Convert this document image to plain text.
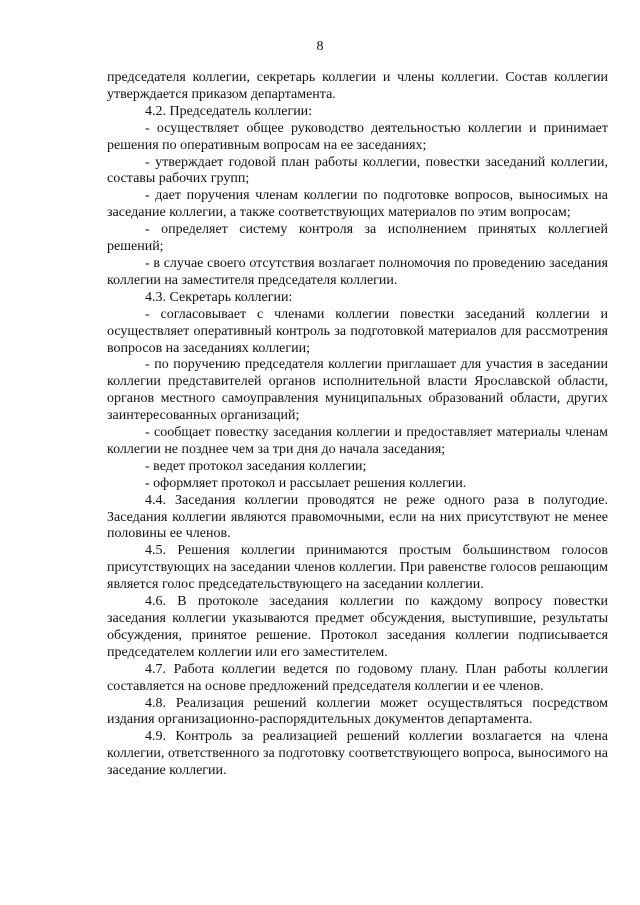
8

председателя коллегии, секретарь коллегии и члены коллегии. Состав коллегии утверждается приказом департамента.

4.2. Председатель коллегии:

- осуществляет общее руководство деятельностью коллегии и принимает решения по оперативным вопросам на ее заседаниях;

- утверждает годовой план работы коллегии, повестки заседаний коллегии, составы рабочих групп;

- дает поручения членам коллегии по подготовке вопросов, выносимых на заседание коллегии, а также соответствующих материалов по этим вопросам;

- определяет систему контроля за исполнением принятых коллегией решений;

- в случае своего отсутствия возлагает полномочия по проведению заседания коллегии на заместителя председателя коллегии.

4.3. Секретарь коллегии:

- согласовывает с членами коллегии повестки заседаний коллегии и осуществляет оперативный контроль за подготовкой материалов для рассмотрения вопросов на заседаниях коллегии;

- по поручению председателя коллегии приглашает для участия в заседании коллегии представителей органов исполнительной власти Ярославской области, органов местного самоуправления муниципальных образований области, других заинтересованных организаций;

- сообщает повестку заседания коллегии и предоставляет материалы членам коллегии не позднее чем за три дня до начала заседания;

- ведет протокол заседания коллегии;

- оформляет протокол и рассылает решения коллегии.

4.4. Заседания коллегии проводятся не реже одного раза в полугодие. Заседания коллегии являются правомочными, если на них присутствуют не менее половины ее членов.

4.5. Решения коллегии принимаются простым большинством голосов присутствующих на заседании членов коллегии. При равенстве голосов решающим является голос председательствующего на заседании коллегии.

4.6. В протоколе заседания коллегии по каждому вопросу повестки заседания коллегии указываются предмет обсуждения, выступившие, результаты обсуждения, принятое решение. Протокол заседания коллегии подписывается председателем коллегии или его заместителем.

4.7. Работа коллегии ведется по годовому плану. План работы коллегии составляется на основе предложений председателя коллегии и ее членов.

4.8. Реализация решений коллегии может осуществляться посредством издания организационно-распорядительных документов департамента.

4.9. Контроль за реализацией решений коллегии возлагается на члена коллегии, ответственного за подготовку соответствующего вопроса, выносимого на заседание коллегии.
